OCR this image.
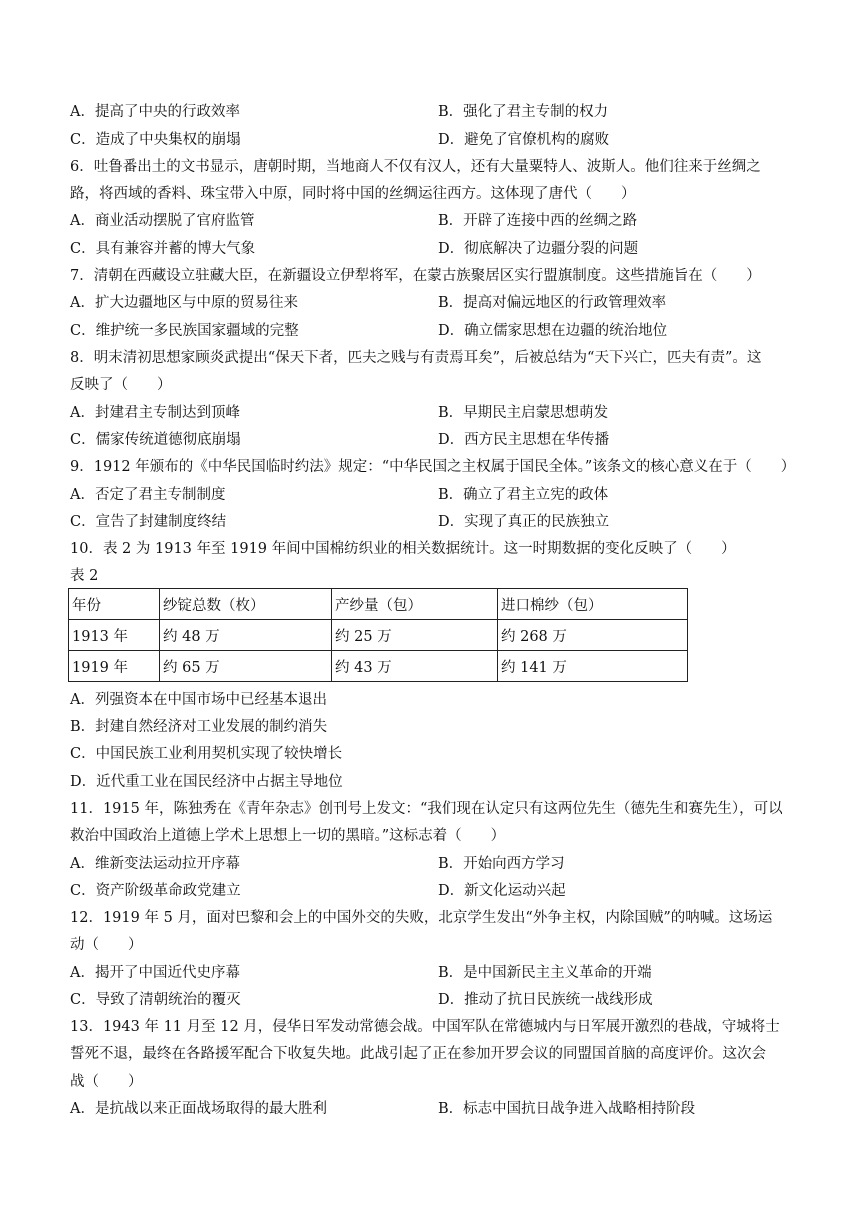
A．提高了中央的行政效率	B．强化了君主专制的权力
C．造成了中央集权的崩塌	D．避免了官僚机构的腐败
6．吐鲁番出土的文书显示，唐朝时期，当地商人不仅有汉人，还有大量粟特人、波斯人。他们往来于丝绸之
路，将西域的香料、珠宝带入中原，同时将中国的丝绸运往西方。这体现了唐代（　　）
A．商业活动摆脱了官府监管	B．开辟了连接中西的丝绸之路
C．具有兼容并蓄的博大气象	D．彻底解决了边疆分裂的问题
7．清朝在西藏设立驻藏大臣，在新疆设立伊犁将军，在蒙古族聚居区实行盟旗制度。这些措施旨在（　　）
A．扩大边疆地区与中原的贸易往来	B．提高对偏远地区的行政管理效率
C．维护统一多民族国家疆域的完整	D．确立儒家思想在边疆的统治地位
8．明末清初思想家顾炎武提出“保天下者，匹夫之贱与有责焉耳矣”，后被总结为“天下兴亡，匹夫有责”。这
反映了（　　）
A．封建君主专制达到顶峰	B．早期民主启蒙思想萌发
C．儒家传统道德彻底崩塌	D．西方民主思想在华传播
9．1912 年颁布的《中华民国临时约法》规定：“中华民国之主权属于国民全体。”该条文的核心意义在于（　　）
A．否定了君主专制制度	B．确立了君主立宪的政体
C．宣告了封建制度终结	D．实现了真正的民族独立
10．表 2 为 1913 年至 1919 年间中国棉纺织业的相关数据统计。这一时期数据的变化反映了（　　）
表 2
年份	纱锭总数（枚）	产纱量（包）	进口棉纱（包）
1913 年	约 48 万	约 25 万	约 268 万
1919 年	约 65 万	约 43 万	约 141 万
A．列强资本在中国市场中已经基本退出
B．封建自然经济对工业发展的制约消失
C．中国民族工业利用契机实现了较快增长
D．近代重工业在国民经济中占据主导地位
11．1915 年，陈独秀在《青年杂志》创刊号上发文：“我们现在认定只有这两位先生（德先生和赛先生），可以
救治中国政治上道德上学术上思想上一切的黑暗。”这标志着（　　）
A．维新变法运动拉开序幕	B．开始向西方学习
C．资产阶级革命政党建立	D．新文化运动兴起
12．1919 年 5 月，面对巴黎和会上的中国外交的失败，北京学生发出“外争主权，内除国贼”的呐喊。这场运
动（　　）
A．揭开了中国近代史序幕	B．是中国新民主主义革命的开端
C．导致了清朝统治的覆灭	D．推动了抗日民族统一战线形成
13．1943 年 11 月至 12 月，侵华日军发动常德会战。中国军队在常德城内与日军展开激烈的巷战，守城将士
誓死不退，最终在各路援军配合下收复失地。此战引起了正在参加开罗会议的同盟国首脑的高度评价。这次会
战（　　）
A．是抗战以来正面战场取得的最大胜利	B．标志中国抗日战争进入战略相持阶段
